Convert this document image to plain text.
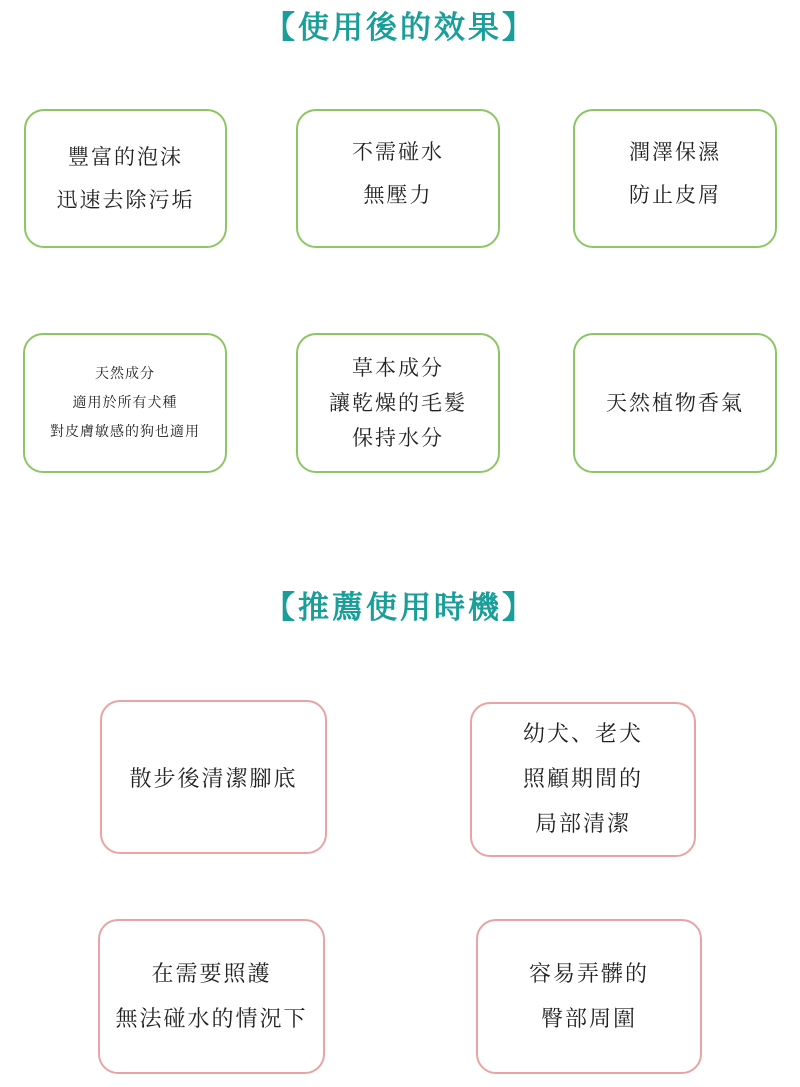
【使用後的效果】
豐富的泡沫
迅速去除污垢
不需碰水
無壓力
潤澤保濕
防止皮屑
天然成分
適用於所有犬種
對皮膚敏感的狗也適用
草本成分
讓乾燥的毛髮
保持水分
天然植物香氣
【推薦使用時機】
散步後清潔腳底
幼犬、老犬
照顧期間的
局部清潔
在需要照護
無法碰水的情況下
容易弄髒的
臀部周圍
